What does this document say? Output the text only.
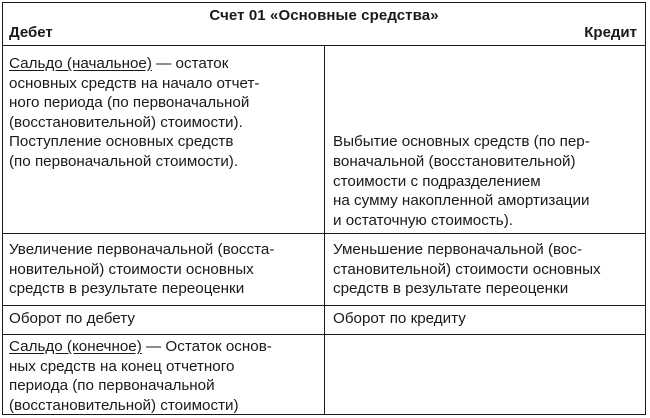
Счет 01 «Основные средства»
Дебет	Кредит
Сальдо (начальное) — остаток
основных средств на начало отчет-
ного периода (по первоначальной
(восстановительной) стоимости).
Поступление основных средств
(по первоначальной стоимости).

Выбытие основных средств (по пер-
воначальной (восстановительной)
стоимости с подразделением
на сумму накопленной амортизации
и остаточную стоимость).
Увеличение первоначальной (восста-
новительной) стоимости основных
средств в результате переоценки
Уменьшение первоначальной (вос-
становительной) стоимости основных
средств в результате переоценки
Оборот по дебету	Оборот по кредиту
Сальдо (конечное) — Остаток основ-
ных средств на конец отчетного
периода (по первоначальной
(восстановительной) стоимости)
